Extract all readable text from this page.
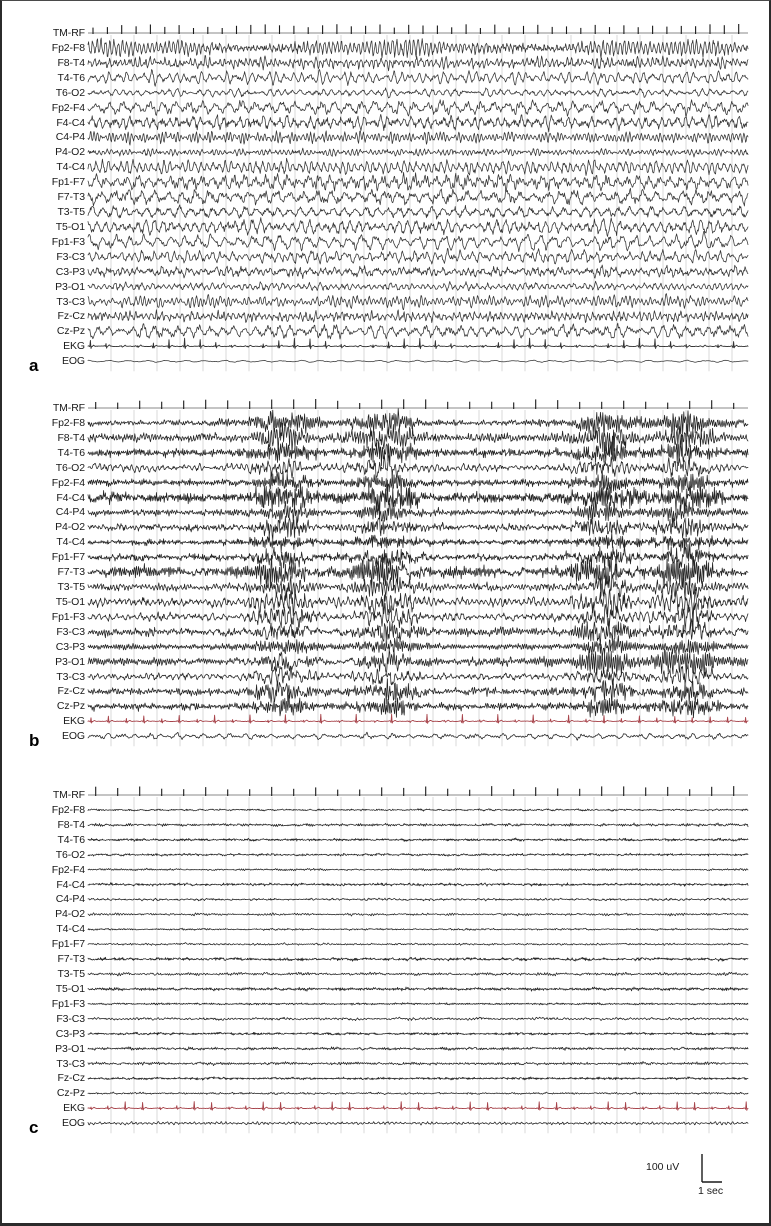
TM-RF
Fp2-F8
F8-T4
T4-T6
T6-O2
Fp2-F4
F4-C4
C4-P4
P4-O2
T4-C4
Fp1-F7
F7-T3
T3-T5
T5-O1
Fp1-F3
F3-C3
C3-P3
P3-O1
T3-C3
Fz-Cz
Cz-Pz
EKG
EOG
a
TM-RF
Fp2-F8
F8-T4
T4-T6
T6-O2
Fp2-F4
F4-C4
C4-P4
P4-O2
T4-C4
Fp1-F7
F7-T3
T3-T5
T5-O1
Fp1-F3
F3-C3
C3-P3
P3-O1
T3-C3
Fz-Cz
Cz-Pz
EKG
EOG
b
TM-RF
Fp2-F8
F8-T4
T4-T6
T6-O2
Fp2-F4
F4-C4
C4-P4
P4-O2
T4-C4
Fp1-F7
F7-T3
T3-T5
T5-O1
Fp1-F3
F3-C3
C3-P3
P3-O1
T3-C3
Fz-Cz
Cz-Pz
EKG
EOG
c
100 uV
1 sec
